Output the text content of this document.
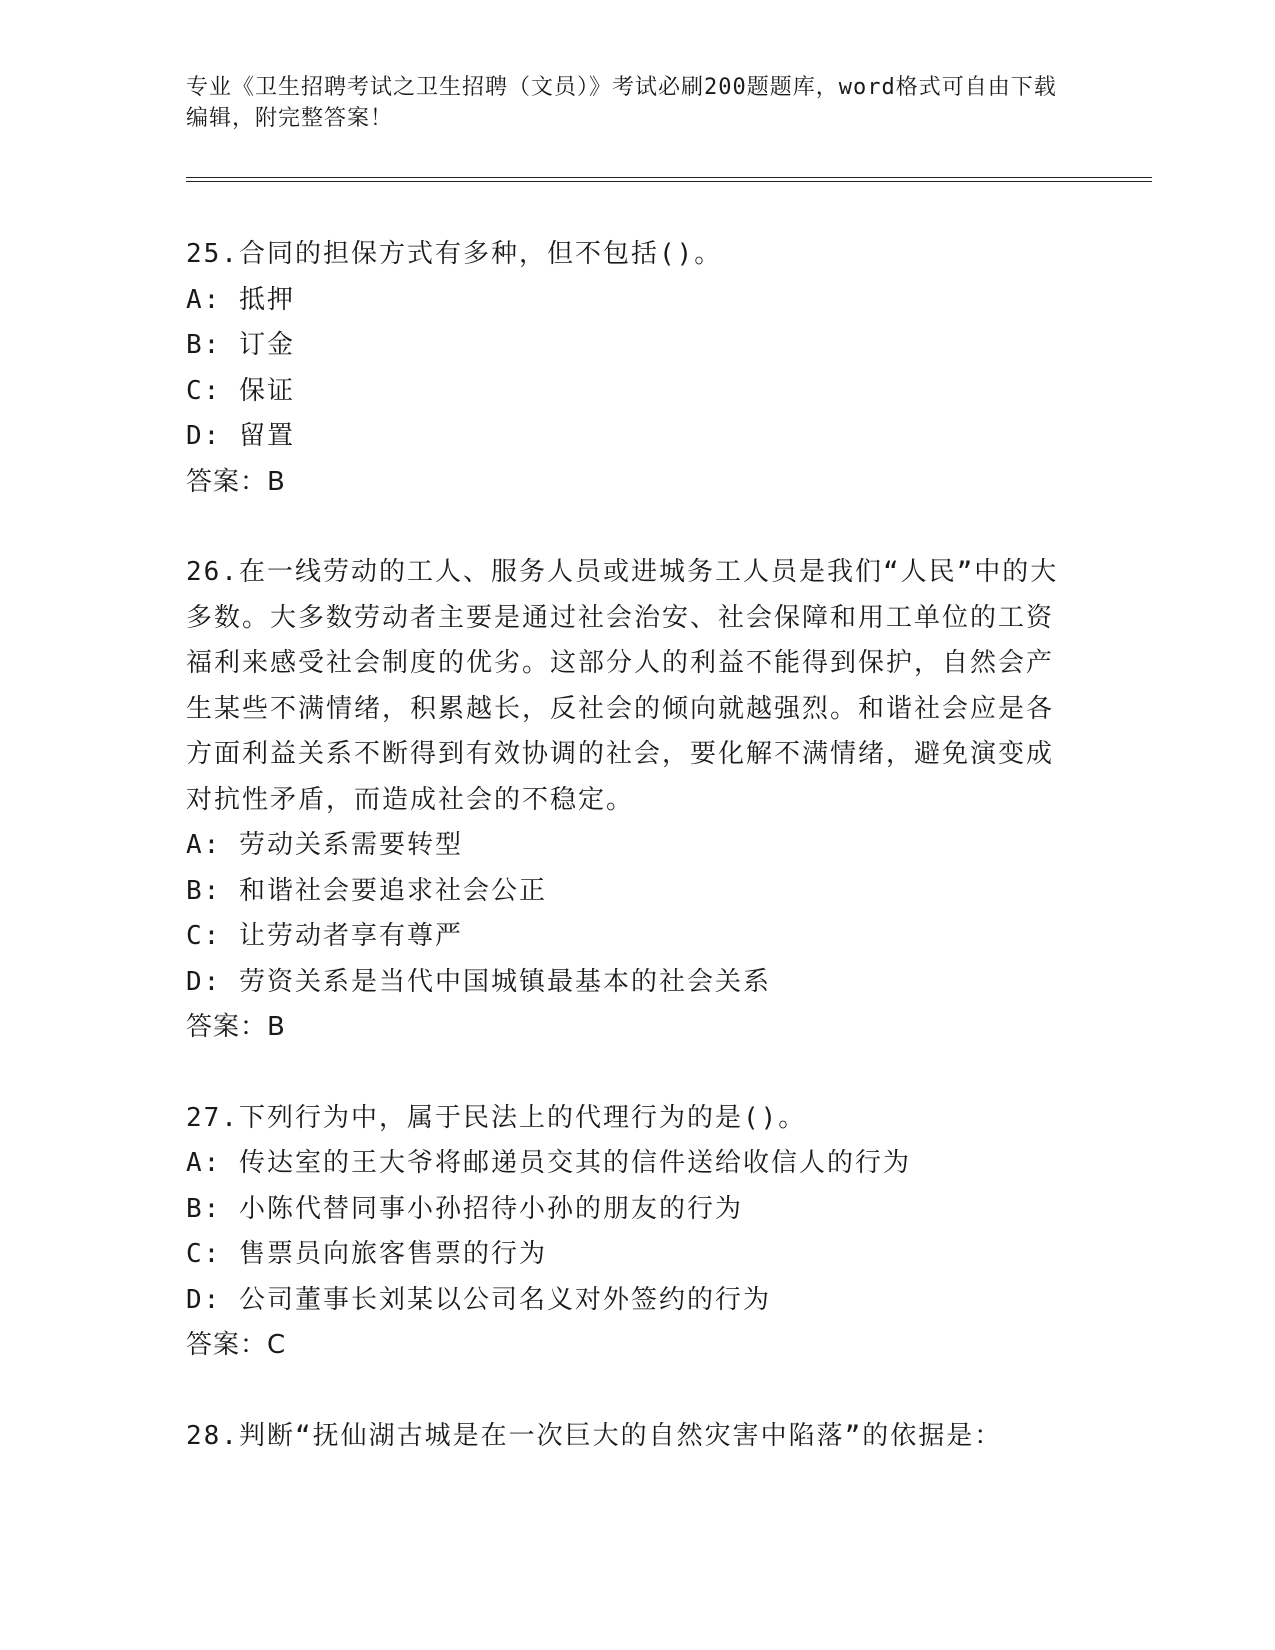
专业《卫生招聘考试之卫生招聘（文员）》考试必刷200题题库，word格式可自由下载编辑，附完整答案！

25.合同的担保方式有多种，但不包括()。

A: 抵押

B: 订金

C: 保证

D: 留置

答案：B

26.在一线劳动的工人、服务人员或进城务工人员是我们“人民”中的大多数。大多数劳动者主要是通过社会治安、社会保障和用工单位的工资福利来感受社会制度的优劣。这部分人的利益不能得到保护，自然会产生某些不满情绪，积累越长，反社会的倾向就越强烈。和谐社会应是各方面利益关系不断得到有效协调的社会，要化解不满情绪，避免演变成对抗性矛盾，而造成社会的不稳定。

A: 劳动关系需要转型

B: 和谐社会要追求社会公正

C: 让劳动者享有尊严

D: 劳资关系是当代中国城镇最基本的社会关系

答案：B

27.下列行为中，属于民法上的代理行为的是()。

A: 传达室的王大爷将邮递员交其的信件送给收信人的行为

B: 小陈代替同事小孙招待小孙的朋友的行为

C: 售票员向旅客售票的行为

D: 公司董事长刘某以公司名义对外签约的行为

答案：C

28.判断“抚仙湖古城是在一次巨大的自然灾害中陷落”的依据是：
